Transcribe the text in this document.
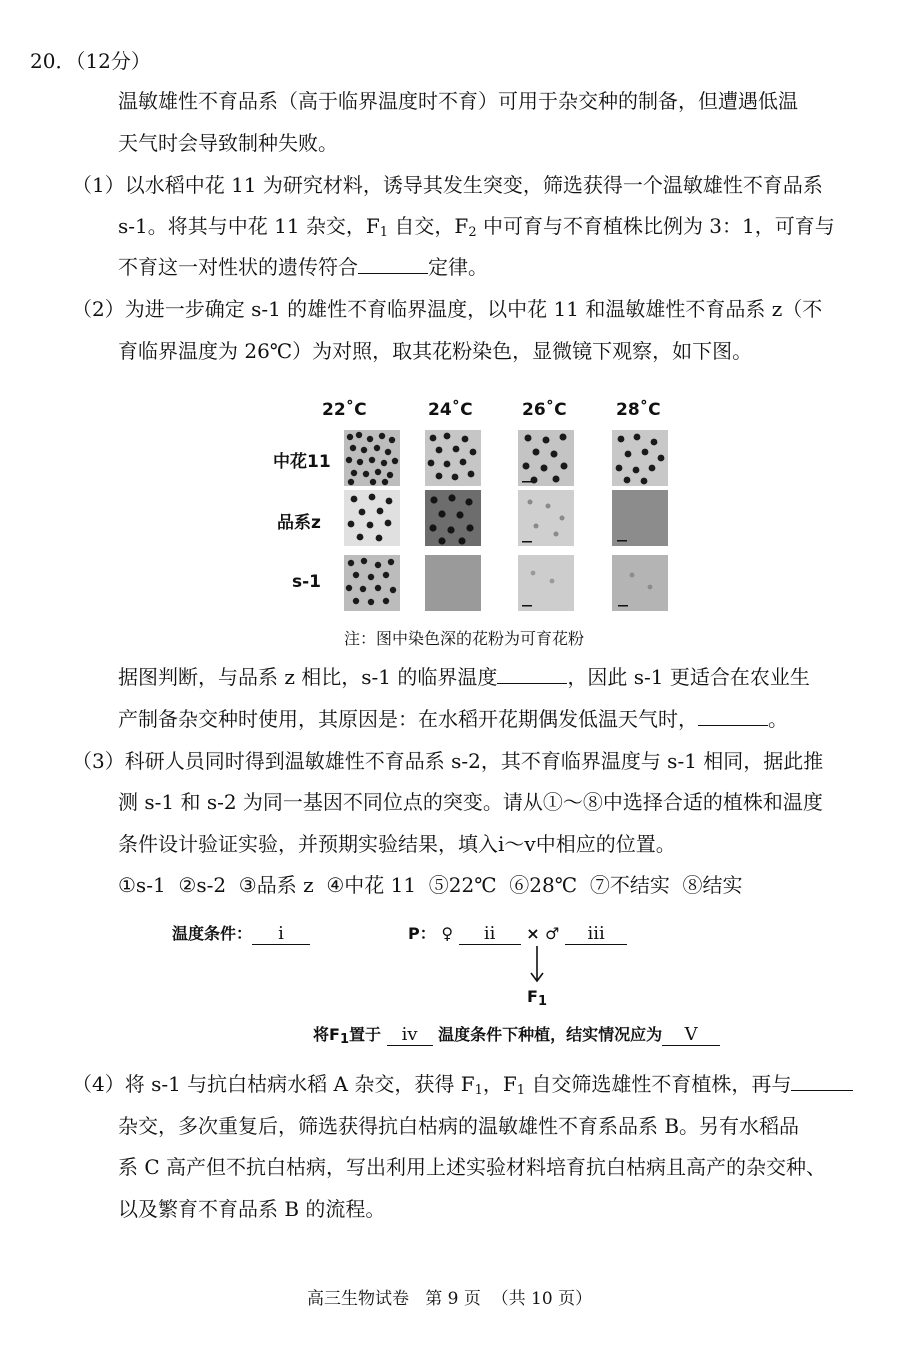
20．（12分）
温敏雄性不育品系（高于临界温度时不育）可用于杂交种的制备，但遭遇低温
天气时会导致制种失败。
（1）以水稻中花 11 为研究材料，诱导其发生突变，筛选获得一个温敏雄性不育品系
s-1。将其与中花 11 杂交，$F_1$ 自交，$F_2$ 中可育与不育植株比例为 3：1，可育与
不育这一对性状的遗传符合	定律。
（2）为进一步确定 s-1 的雄性不育临界温度，以中花 11 和温敏雄性不育品系 z（不
育临界温度为 26℃）为对照，取其花粉染色，显微镜下观察，如下图。
22˚C	24˚C	26˚C	28˚C
中花11
品系z
s-1
注：图中染色深的花粉为可育花粉
据图判断，与品系 z 相比，s-1 的临界温度	，因此 s-1 更适合在农业生
产制备杂交种时使用，其原因是：在水稻开花期偶发低温天气时，	。
（3）科研人员同时得到温敏雄性不育品系 s-2，其不育临界温度与 s-1 相同，据此推
测 s-1 和 s-2 为同一基因不同位点的突变。请从①～⑧中选择合适的植株和温度
条件设计验证实验，并预期实验结果，填入i～v中相应的位置。
①s-1  ②s-2  ③品系 z  ④中花 11  ⑤22℃  ⑥28℃  ⑦不结实  ⑧结实
温度条件： i	P： ♀ ii × ♂ iii
$F_1$
将$F_1$置于 iv 温度条件下种植，结实情况应为 V
（4）将 s-1 与抗白枯病水稻 A 杂交，获得 $F_1$，$F_1$ 自交筛选雄性不育植株，再与
杂交，多次重复后，筛选获得抗白枯病的温敏雄性不育系品系 B。另有水稻品
系 C 高产但不抗白枯病，写出利用上述实验材料培育抗白枯病且高产的杂交种、
以及繁育不育品系 B 的流程。
高三生物试卷   第 9 页  （共 10 页）
